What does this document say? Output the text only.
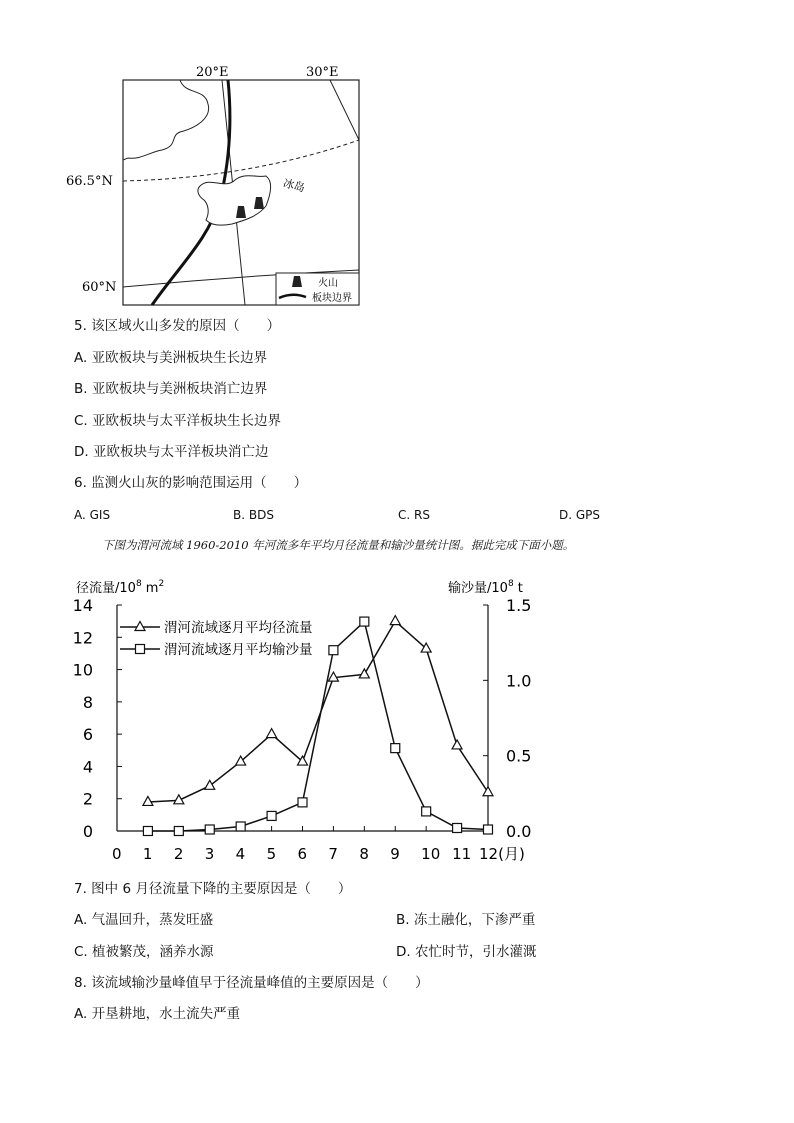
20°E	30°E
66.5°N
60°N
冰岛
火山
板块边界
5. 该区域火山多发的原因（　　）
A. 亚欧板块与美洲板块生长边界
B. 亚欧板块与美洲板块消亡边界
C. 亚欧板块与太平洋板块生长边界
D. 亚欧板块与太平洋板块消亡边
6. 监测火山灰的影响范围运用（　　）
A. GIS	B. BDS	C. RS	D. GPS
下图为渭河流域 1960-2010 年河流多年平均月径流量和输沙量统计图。据此完成下面小题。
径流量$/10^8$ $m^2$	输沙量$/10^8$ t
0
2
4
6
8
10
12
14
0.0
0.5
1.0
1.5
0 1 2 3 4 5 6 7 8 9 10 11 12(月)
渭河流域逐月平均径流量
渭河流域逐月平均输沙量
7. 图中 6 月径流量下降的主要原因是（　　）
A. 气温回升，蒸发旺盛	B. 冻土融化，下渗严重
C. 植被繁茂，涵养水源	D. 农忙时节，引水灌溉
8. 该流域输沙量峰值早于径流量峰值的主要原因是（　　）
A. 开垦耕地，水土流失严重
